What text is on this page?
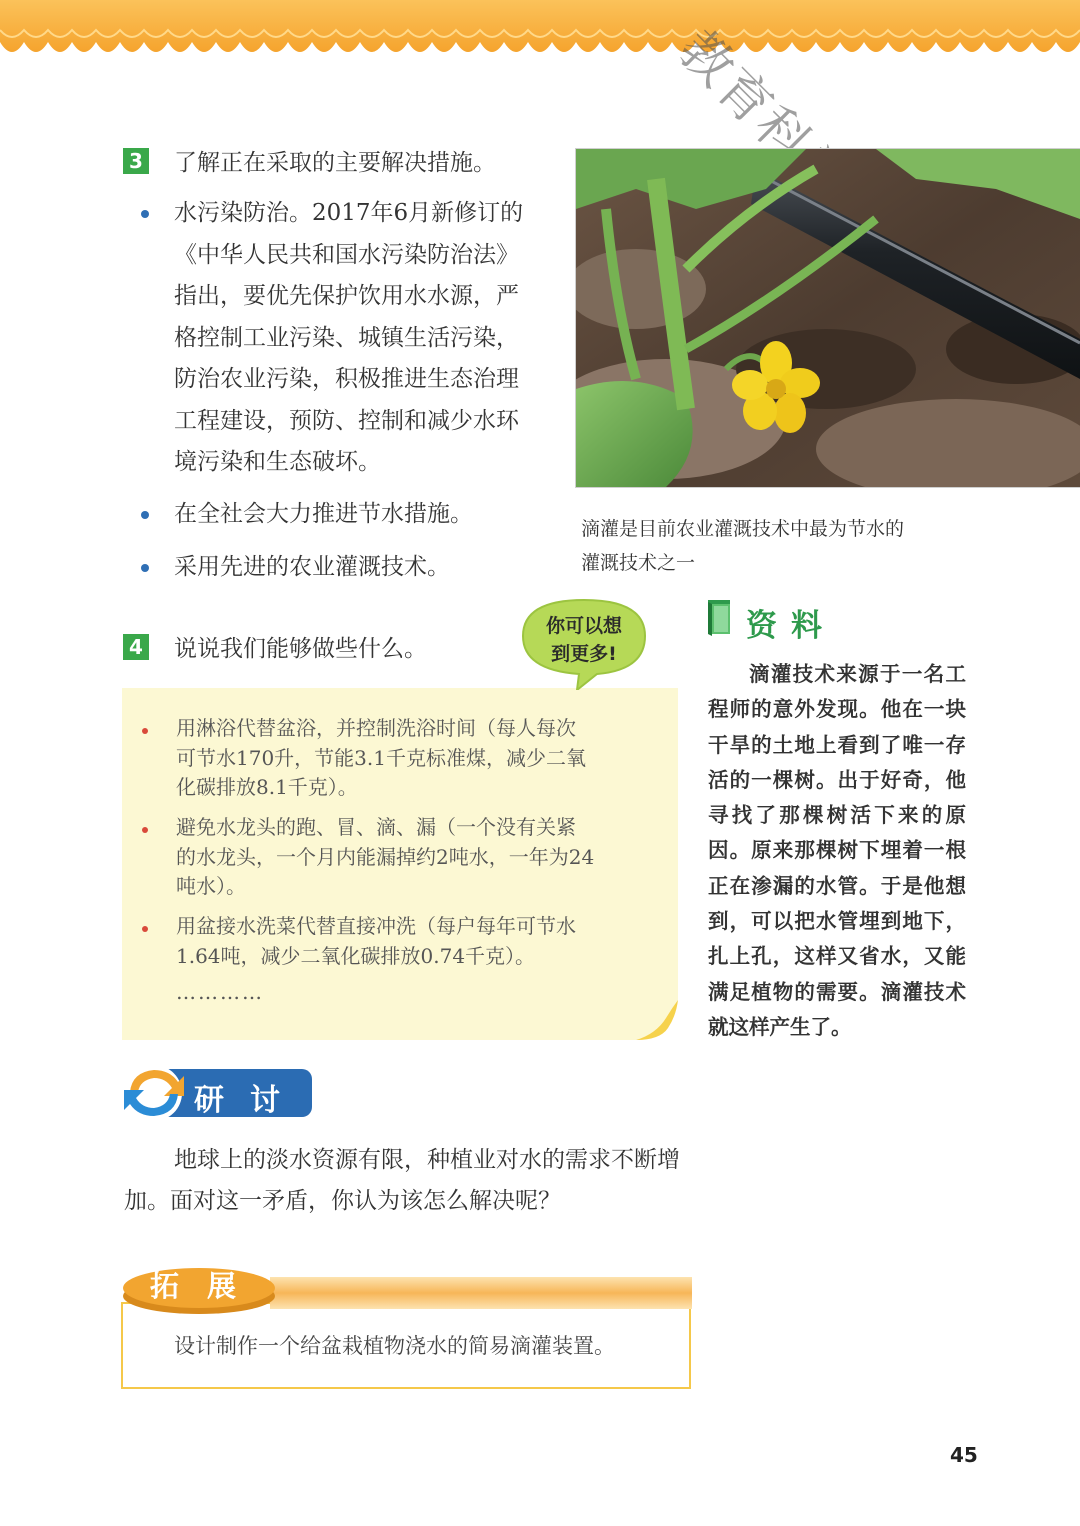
3 了解正在采取的主要解决措施。
水污染防治。2017年6月新修订的
《中华人民共和国水污染防治法》
指出，要优先保护饮用水水源，严
格控制工业污染、城镇生活污染，
防治农业污染，积极推进生态治理
工程建设，预防、控制和减少水环
境污染和生态破坏。
在全社会大力推进节水措施。
采用先进的农业灌溉技术。
滴灌是目前农业灌溉技术中最为节水的
灌溉技术之一
4 说说我们能够做些什么。
用淋浴代替盆浴，并控制洗浴时间（每人每次
可节水170升，节能3.1千克标准煤，减少二氧
化碳排放8.1千克）。
避免水龙头的跑、冒、滴、漏（一个没有关紧
的水龙头，一个月内能漏掉约2吨水，一年为24
吨水）。
用盆接水洗菜代替直接冲洗（每户每年可节水
1.64吨，减少二氧化碳排放0.74千克）。
…………
你可以想
到更多!
资料
滴灌技术来源于一名工程师的意外发现。他在一块干旱的土地上看到了唯一存活的一棵树。出于好奇，他寻找了那棵树活下来的原因。原来那棵树下埋着一根正在渗漏的水管。于是他想到，可以把水管埋到地下，扎上孔，这样又省水，又能满足植物的需要。滴灌技术就这样产生了。
研讨
地球上的淡水资源有限，种植业对水的需求不断增加。面对这一矛盾，你认为该怎么解决呢？
拓展
设计制作一个给盆栽植物浇水的简易滴灌装置。
45
